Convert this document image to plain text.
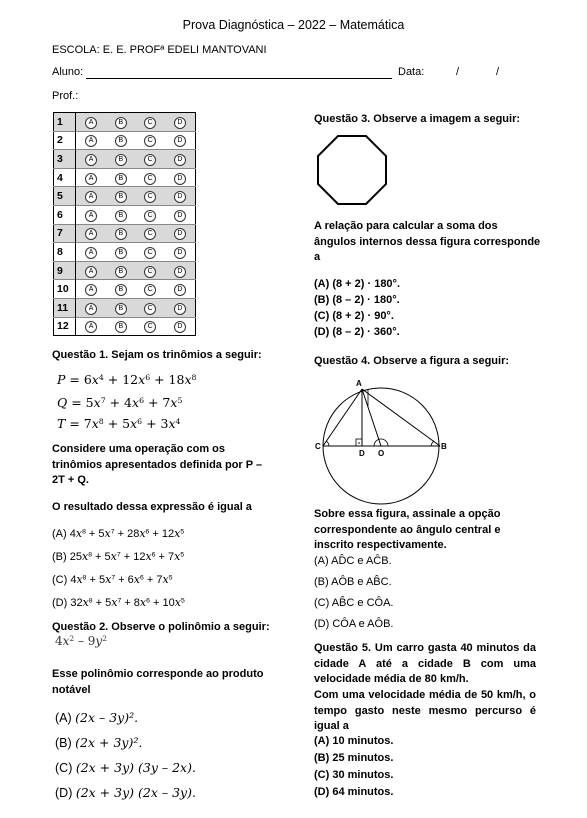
Prova Diagnóstica – 2022 – Matemática
ESCOLA: E. E. PROFª EDELI MANTOVANI
Aluno:	Data:	/	/
Prof.:
1	A	B	C	D
2	A	B	C	D
3	A	B	C	D
4	A	B	C	D
5	A	B	C	D
6	A	B	C	D
7	A	B	C	D
8	A	B	C	D
9	A	B	C	D
10	A	B	C	D
11	A	B	C	D
12	A	B	C	D
Questão 1. Sejam os trinômios a seguir:
$P = 6x^4 + 12x^6 + 18x^8$
$Q = 5x^7 + 4x^6 + 7x^5$
$T = 7x^8 + 5x^6 + 3x^4$
Considere uma operação com os trinômios apresentados definida por P – 2T + Q.
O resultado dessa expressão é igual a
(A) $4x^8 + 5x^7 + 28x^6 + 12x^5$
(B) $25x^8 + 5x^7 + 12x^6 + 7x^5$
(C) $4x^8 + 5x^7 + 6x^6 + 7x^5$
(D) $32x^8 + 5x^7 + 8x^6 + 10x^5$
Questão 2. Observe o polinômio a seguir:
$4x^2 - 9y^2$
Esse polinômio corresponde ao produto notável
(A) (2x – 3y)².
(B) (2x + 3y)².
(C) (2x + 3y) (3y – 2x).
(D) (2x + 3y) (2x – 3y).
Questão 3. Observe a imagem a seguir:
A relação para calcular a soma dos ângulos internos dessa figura corresponde a
(A) (8 + 2) · 180°.
(B) (8 – 2) · 180°.
(C) (8 + 2) · 90°.
(D) (8 – 2) · 360°.
Questão 4. Observe a figura a seguir:
A
C	B
D O
Sobre essa figura, assinale a opção correspondente ao ângulo central e inscrito respectivamente.
(A) AD̂C e AĈB.
(B) AÔB e AB̂C.
(C) AB̂C e CÔA.
(D) CÔA e AÔB.
Questão 5. Um carro gasta 40 minutos da cidade A até a cidade B com uma velocidade média de 80 km/h.
Com uma velocidade média de 50 km/h, o tempo gasto neste mesmo percurso é igual a
(A) 10 minutos.
(B) 25 minutos.
(C) 30 minutos.
(D) 64 minutos.
